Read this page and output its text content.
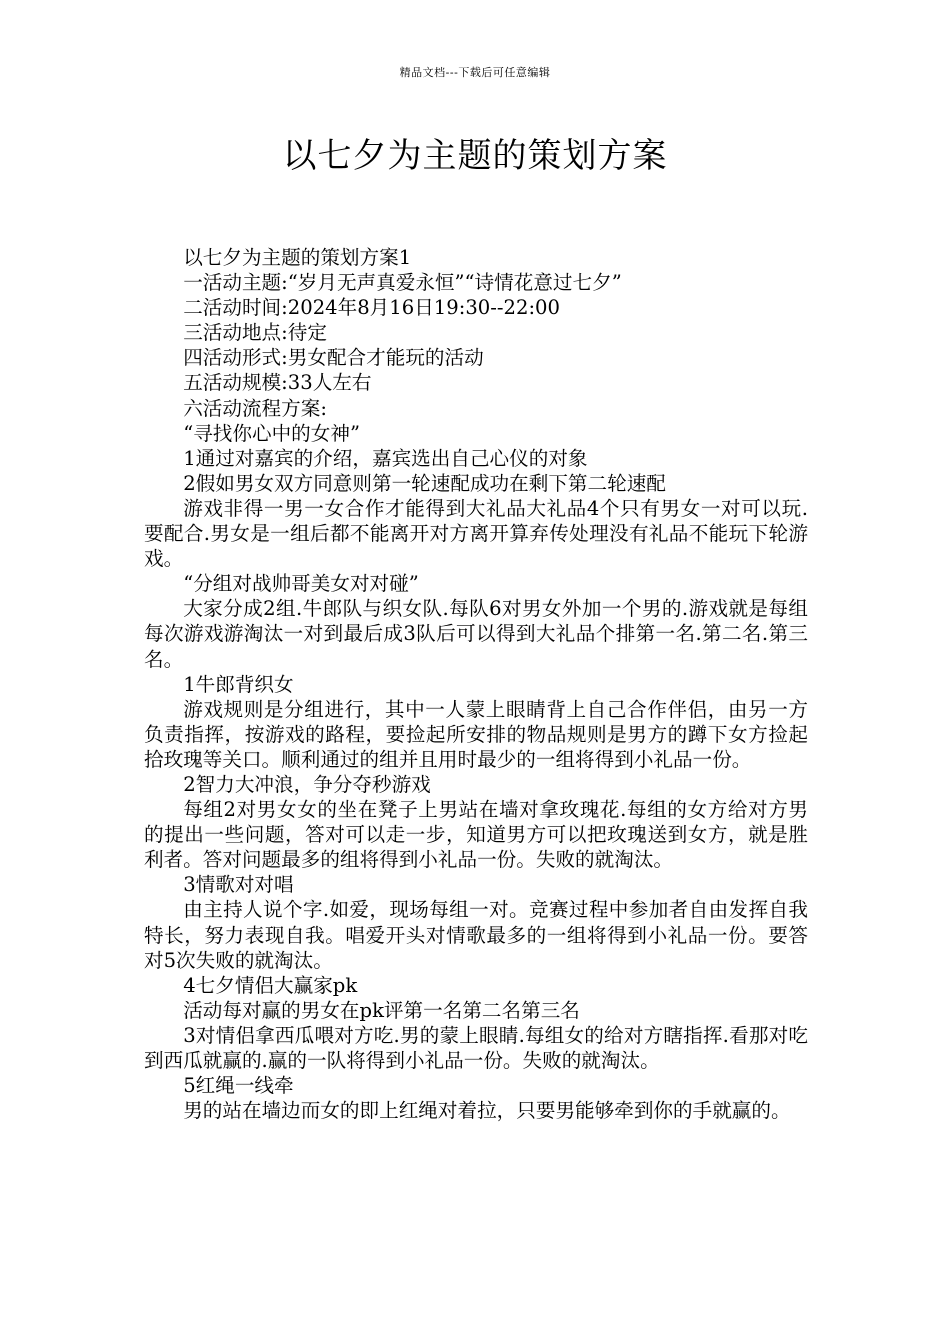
精品文档---下载后可任意编辑
以七夕为主题的策划方案

以七夕为主题的策划方案1

一活动主题:“岁月无声真爱永恒”“诗情花意过七夕”

二活动时间:2024年8月16日19:30--22:00

三活动地点:待定

四活动形式:男女配合才能玩的活动

五活动规模:33人左右

六活动流程方案:

“寻找你心中的女神”

1通过对嘉宾的介绍，嘉宾选出自己心仪的对象

2假如男女双方同意则第一轮速配成功在剩下第二轮速配

游戏非得一男一女合作才能得到大礼品大礼品4个只有男女一对可以玩.要配合.男女是一组后都不能离开对方离开算弃传处理没有礼品不能玩下轮游戏。

“分组对战帅哥美女对对碰”

大家分成2组.牛郎队与织女队.每队6对男女外加一个男的.游戏就是每组每次游戏游淘汰一对到最后成3队后可以得到大礼品个排第一名.第二名.第三名。

1牛郎背织女

游戏规则是分组进行，其中一人蒙上眼睛背上自己合作伴侣，由另一方负责指挥，按游戏的路程，要捡起所安排的物品规则是男方的蹲下女方捡起拾玫瑰等关口。顺利通过的组并且用时最少的一组将得到小礼品一份。

2智力大冲浪，争分夺秒游戏

每组2对男女女的坐在凳子上男站在墙对拿玫瑰花.每组的女方给对方男的提出一些问题，答对可以走一步，知道男方可以把玫瑰送到女方，就是胜利者。答对问题最多的组将得到小礼品一份。失败的就淘汰。

3情歌对对唱

由主持人说个字.如爱，现场每组一对。竞赛过程中参加者自由发挥自我特长，努力表现自我。唱爱开头对情歌最多的一组将得到小礼品一份。要答对5次失败的就淘汰。

4七夕情侣大赢家pk

活动每对赢的男女在pk评第一名第二名第三名

3对情侣拿西瓜喂对方吃.男的蒙上眼睛.每组女的给对方瞎指挥.看那对吃到西瓜就赢的.赢的一队将得到小礼品一份。失败的就淘汰。

5红绳一线牵

男的站在墙边而女的即上红绳对着拉，只要男能够牵到你的手就赢的。
